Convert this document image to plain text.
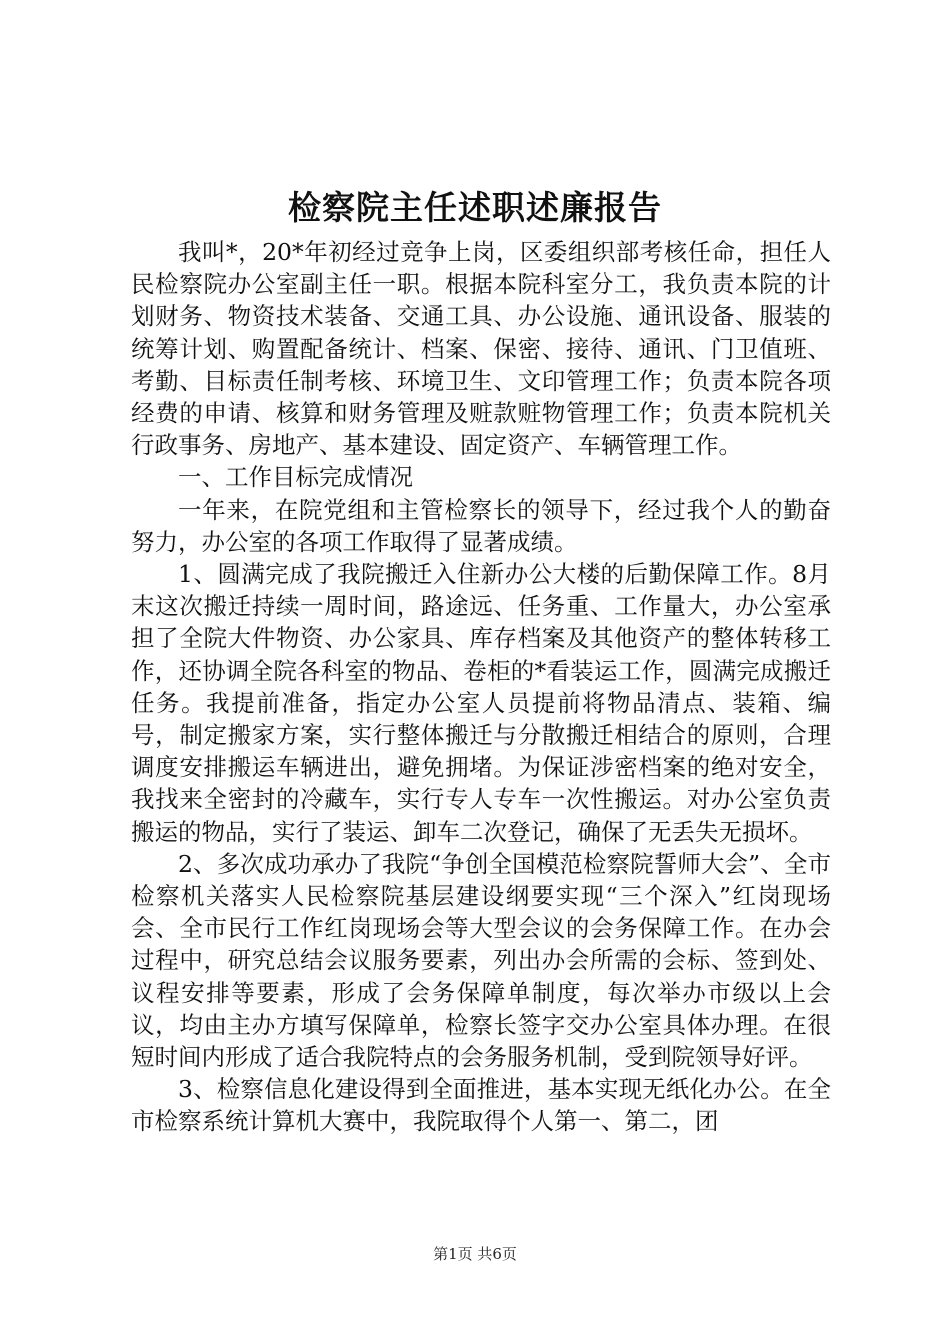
检察院主任述职述廉报告

我叫*，20*年初经过竞争上岗，区委组织部考核任命，担任人民检察院办公室副主任一职。根据本院科室分工，我负责本院的计划财务、物资技术装备、交通工具、办公设施、通讯设备、服装的统筹计划、购置配备统计、档案、保密、接待、通讯、门卫值班、考勤、目标责任制考核、环境卫生、文印管理工作；负责本院各项经费的申请、核算和财务管理及赃款赃物管理工作；负责本院机关行政事务、房地产、基本建设、固定资产、车辆管理工作。

一、工作目标完成情况

一年来，在院党组和主管检察长的领导下，经过我个人的勤奋努力，办公室的各项工作取得了显著成绩。

1、圆满完成了我院搬迁入住新办公大楼的后勤保障工作。8月末这次搬迁持续一周时间，路途远、任务重、工作量大，办公室承担了全院大件物资、办公家具、库存档案及其他资产的整体转移工作，还协调全院各科室的物品、卷柜的*看装运工作，圆满完成搬迁任务。我提前准备，指定办公室人员提前将物品清点、装箱、编号，制定搬家方案，实行整体搬迁与分散搬迁相结合的原则，合理调度安排搬运车辆进出，避免拥堵。为保证涉密档案的绝对安全，我找来全密封的冷藏车，实行专人专车一次性搬运。对办公室负责搬运的物品，实行了装运、卸车二次登记，确保了无丢失无损坏。

2、多次成功承办了我院“争创全国模范检察院誓师大会”、全市检察机关落实人民检察院基层建设纲要实现“三个深入”红岗现场会、全市民行工作红岗现场会等大型会议的会务保障工作。在办会过程中，研究总结会议服务要素，列出办会所需的会标、签到处、议程安排等要素，形成了会务保障单制度，每次举办市级以上会议，均由主办方填写保障单，检察长签字交办公室具体办理。在很短时间内形成了适合我院特点的会务服务机制，受到院领导好评。

3、检察信息化建设得到全面推进，基本实现无纸化办公。在全市检察系统计算机大赛中，我院取得个人第一、第二，团

第1页 共6页
